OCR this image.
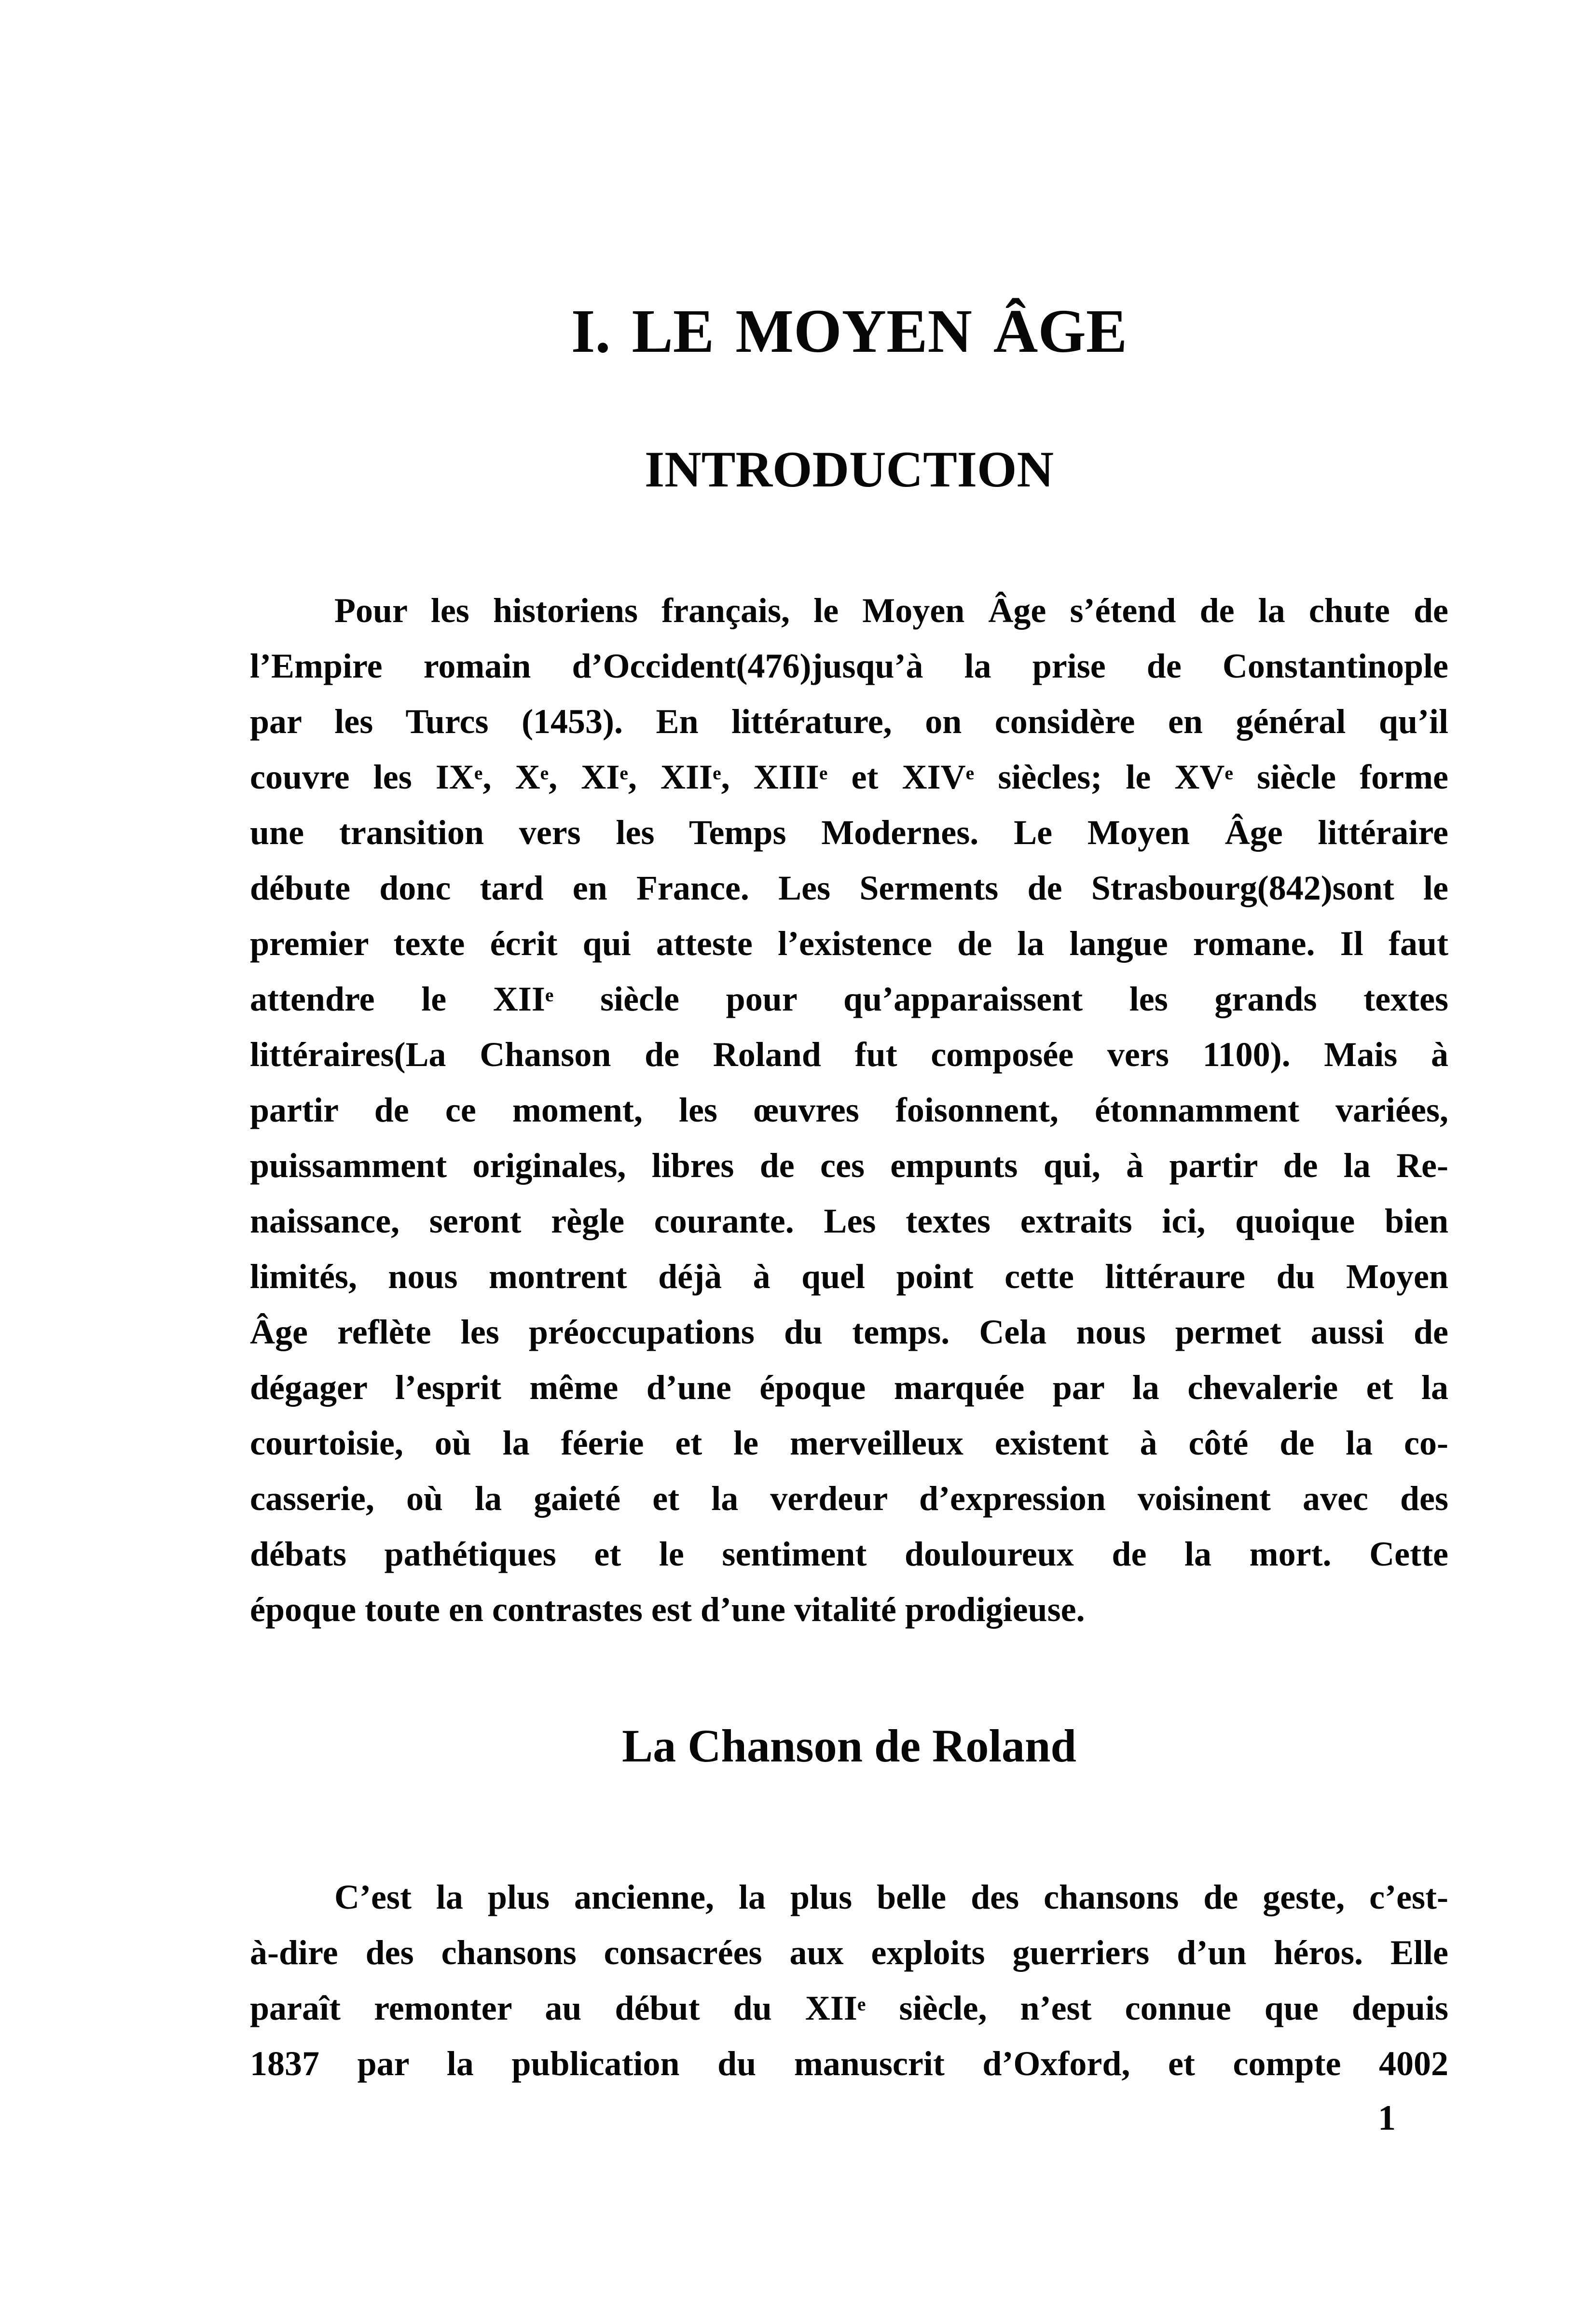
I. LE MOYEN ÂGE
INTRODUCTION
Pour les historiens français, le Moyen Âge s’étend de la chute de
l’Empire romain d’Occident(476)jusqu’à la prise de Constantinople
par les Turcs (1453). En littérature, on considère en général qu’il
couvre les IXe, Xe, XIe, XIIe, XIIIe et XIVe siècles; le XVe siècle forme
une transition vers les Temps Modernes. Le Moyen Âge littéraire
débute donc tard en France. Les Serments de Strasbourg(842)sont le
premier texte écrit qui atteste l’existence de la langue romane. Il faut
attendre le XIIe siècle pour qu’apparaissent les grands textes
littéraires(La Chanson de Roland fut composée vers 1100). Mais à
partir de ce moment, les œuvres foisonnent, étonnamment variées,
puissamment originales, libres de ces empunts qui, à partir de la Re-
naissance, seront règle courante. Les textes extraits ici, quoique bien
limités, nous montrent déjà à quel point cette littéraure du Moyen
Âge reflète les préoccupations du temps. Cela nous permet aussi de
dégager l’esprit même d’une époque marquée par la chevalerie et la
courtoisie, où la féerie et le merveilleux existent à côté de la co-
casserie, où la gaieté et la verdeur d’expression voisinent avec des
débats pathétiques et le sentiment douloureux de la mort. Cette
époque toute en contrastes est d’une vitalité prodigieuse.
La Chanson de Roland
C’est la plus ancienne, la plus belle des chansons de geste, c’est-
à-dire des chansons consacrées aux exploits guerriers d’un héros. Elle
paraît remonter au début du XIIe siècle, n’est connue que depuis
1837 par la publication du manuscrit d’Oxford, et compte 4002
1
